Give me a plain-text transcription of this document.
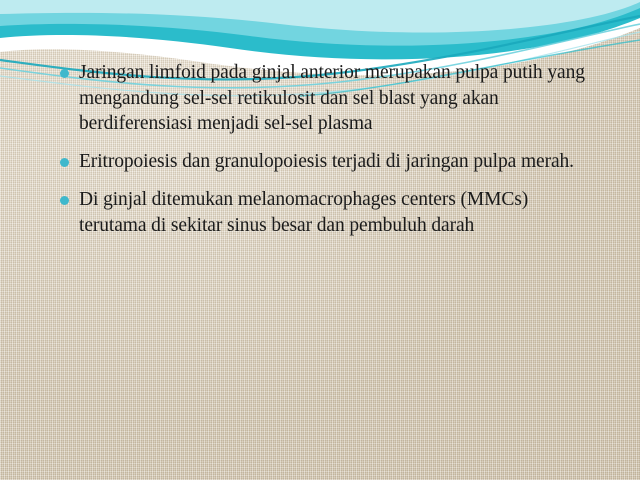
Jaringan limfoid pada ginjal anterior merupakan pulpa putih yang mengandung sel-sel retikulosit dan sel blast yang akan berdiferensiasi menjadi sel-sel plasma
Eritropoiesis dan granulopoiesis terjadi di jaringan pulpa merah.
Di ginjal ditemukan melanomacrophages centers (MMCs) terutama di sekitar sinus besar dan pembuluh darah
